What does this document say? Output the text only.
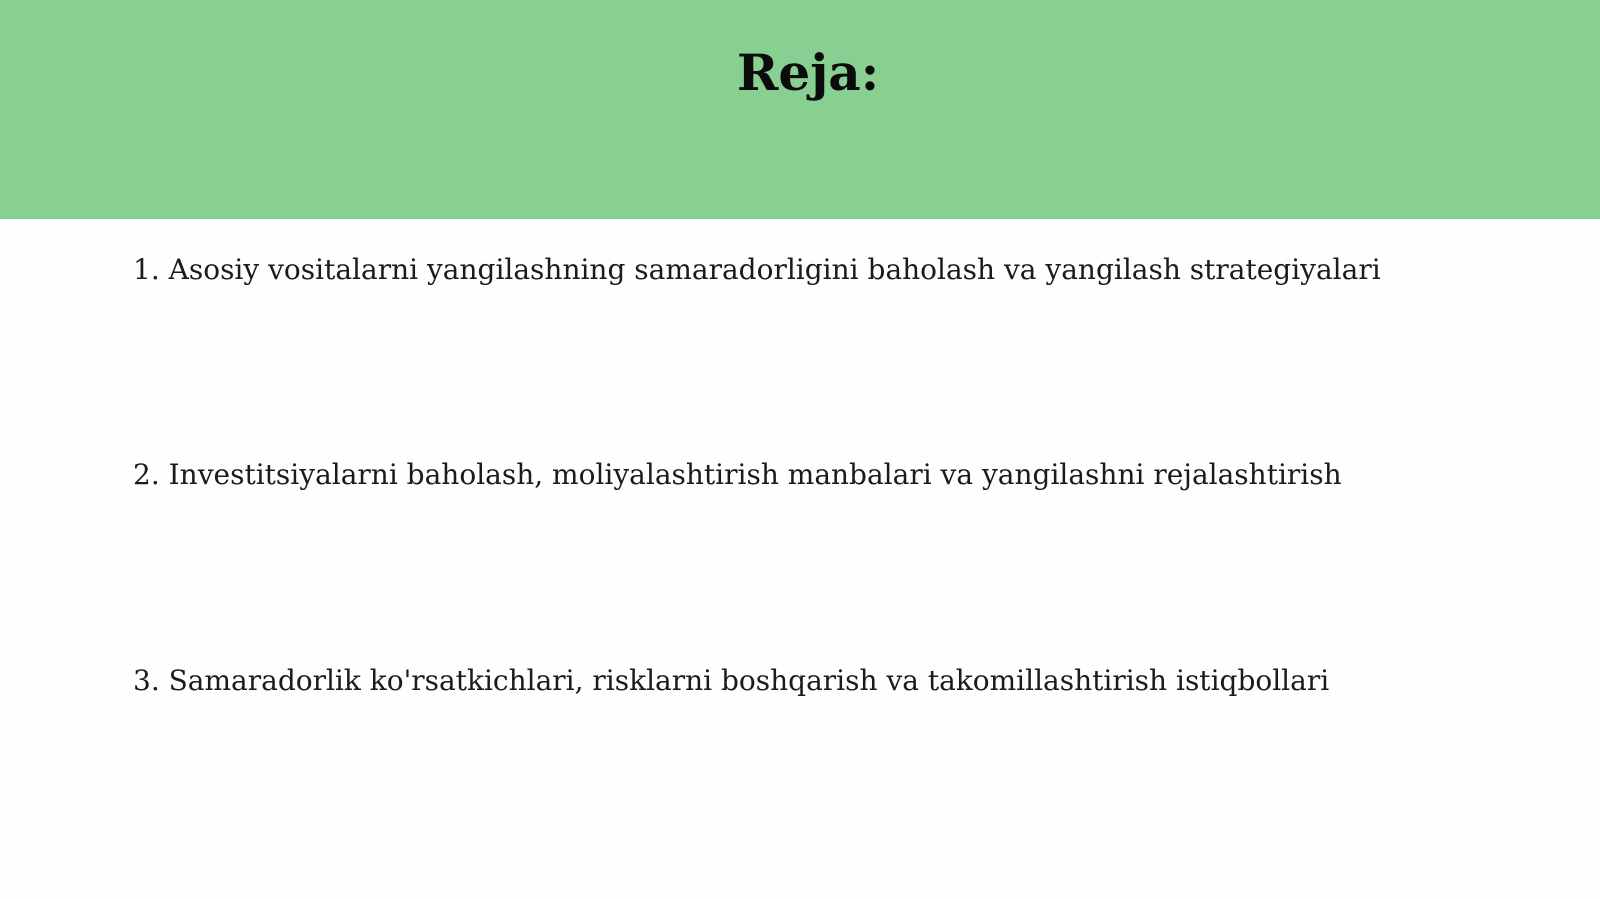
Reja:
1. Asosiy vositalarni yangilashning samaradorligini baholash va yangilash strategiyalari
2. Investitsiyalarni baholash, moliyalashtirish manbalari va yangilashni rejalashtirish
3. Samaradorlik ko'rsatkichlari, risklarni boshqarish va takomillashtirish istiqbollari
